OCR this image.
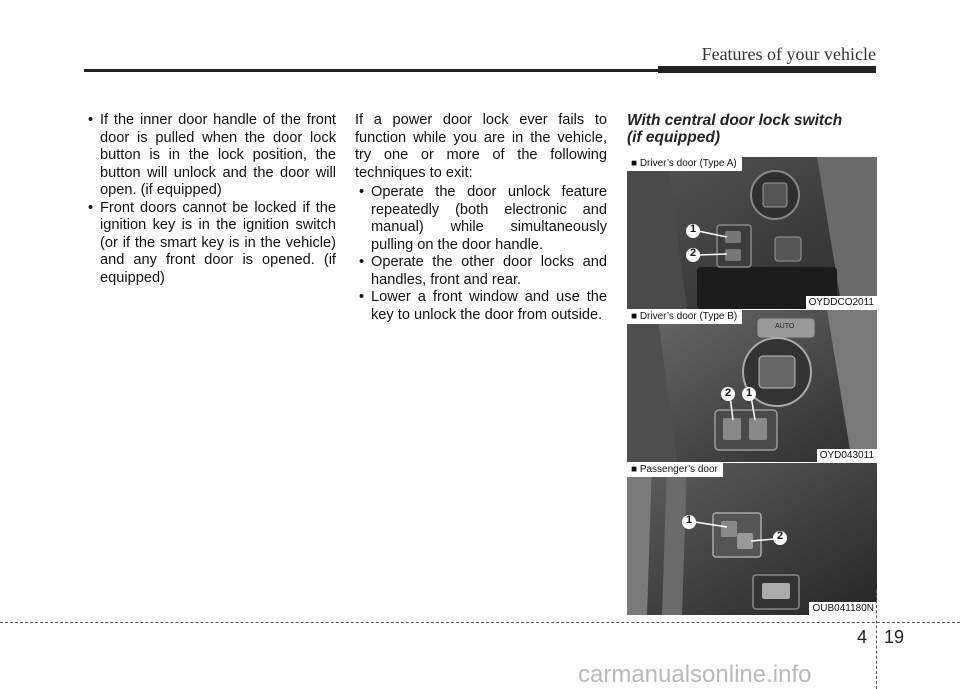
Features of your vehicle
• If the inner door handle of the front door is pulled when the door lock button is in the lock position, the button will unlock and the door will open. (if equipped)
• Front doors cannot be locked if the ignition key is in the ignition switch (or if the smart key is in the vehicle) and any front door is opened. (if equipped)

If a power door lock ever fails to function while you are in the vehicle, try one or more of the following techniques to exit:

• Operate the door unlock feature repeatedly (both electronic and manual) while simultaneously pulling on the door handle.
• Operate the other door locks and handles, front and rear.
• Lower a front window and use the key to unlock the door from outside.
With central door lock switch
(if equipped)
1
2
■ Driver’s door (Type A)
OYDDCO2011
AUTO
2 1
■ Driver’s door (Type B)
OYD043011
1
2
■ Passenger’s door
OUB041180N
4 19
carmanualsonline.info
